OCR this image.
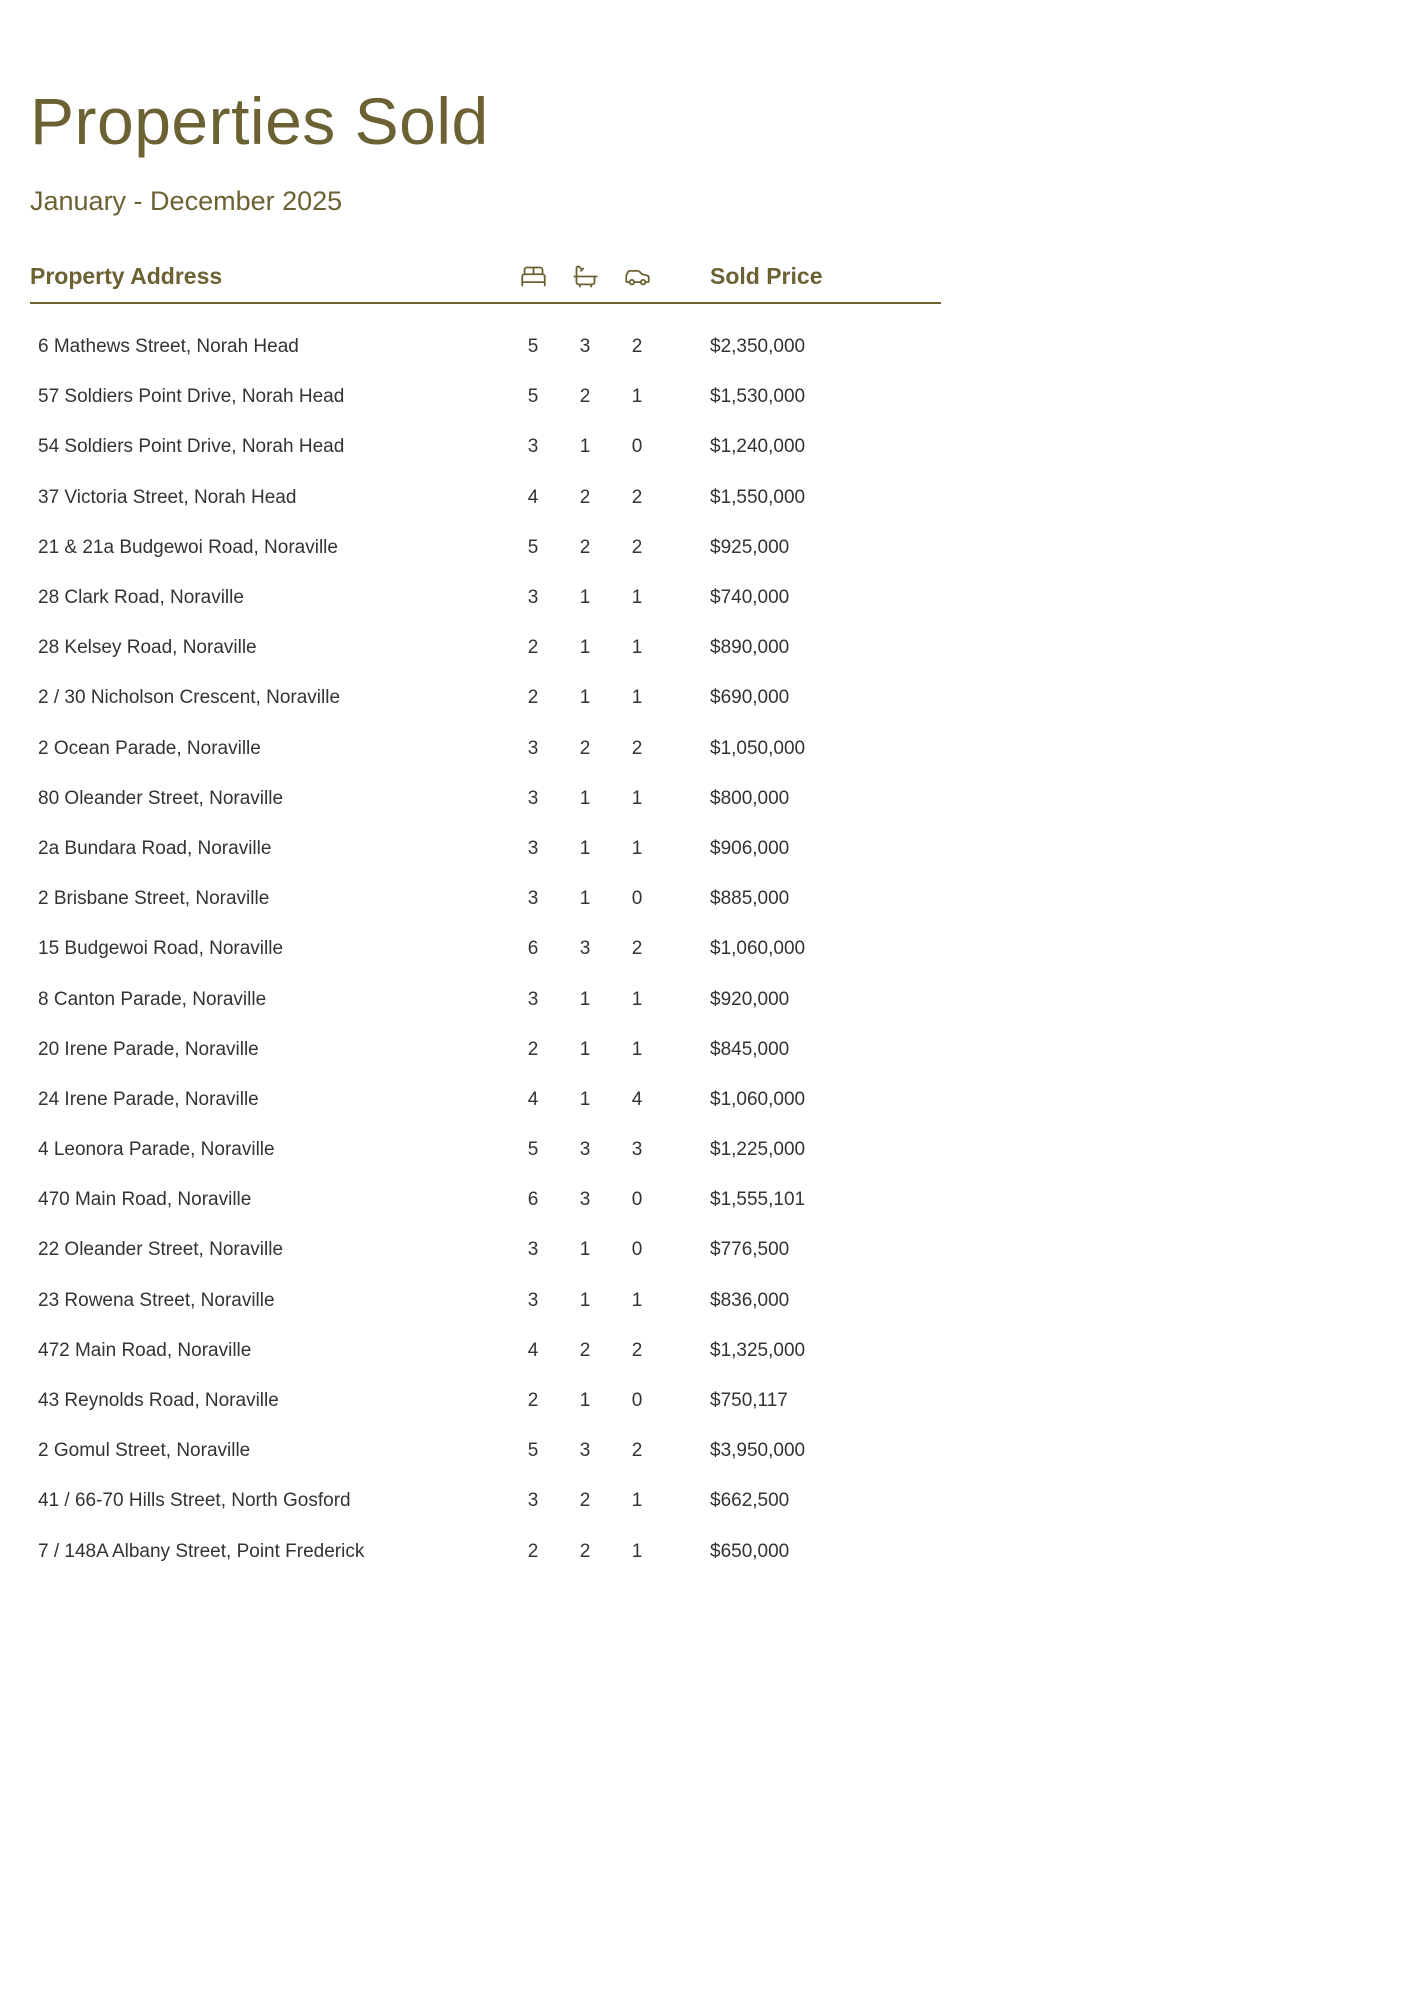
Properties Sold
January - December 2025
Property Address	Sold Price
6 Mathews Street, Norah Head	5	3	2	$2,350,000
57 Soldiers Point Drive, Norah Head	5	2	1	$1,530,000
54 Soldiers Point Drive, Norah Head	3	1	0	$1,240,000
37 Victoria Street, Norah Head	4	2	2	$1,550,000
21 & 21a Budgewoi Road, Noraville	5	2	2	$925,000
28 Clark Road, Noraville	3	1	1	$740,000
28 Kelsey Road, Noraville	2	1	1	$890,000
2 / 30 Nicholson Crescent, Noraville	2	1	1	$690,000
2 Ocean Parade, Noraville	3	2	2	$1,050,000
80 Oleander Street, Noraville	3	1	1	$800,000
2a Bundara Road, Noraville	3	1	1	$906,000
2 Brisbane Street, Noraville	3	1	0	$885,000
15 Budgewoi Road, Noraville	6	3	2	$1,060,000
8 Canton Parade, Noraville	3	1	1	$920,000
20 Irene Parade, Noraville	2	1	1	$845,000
24 Irene Parade, Noraville	4	1	4	$1,060,000
4 Leonora Parade, Noraville	5	3	3	$1,225,000
470 Main Road, Noraville	6	3	0	$1,555,101
22 Oleander Street, Noraville	3	1	0	$776,500
23 Rowena Street, Noraville	3	1	1	$836,000
472 Main Road, Noraville	4	2	2	$1,325,000
43 Reynolds Road, Noraville	2	1	0	$750,117
2 Gomul Street, Noraville	5	3	2	$3,950,000
41 / 66-70 Hills Street, North Gosford	3	2	1	$662,500
7 / 148A Albany Street, Point Frederick	2	2	1	$650,000
